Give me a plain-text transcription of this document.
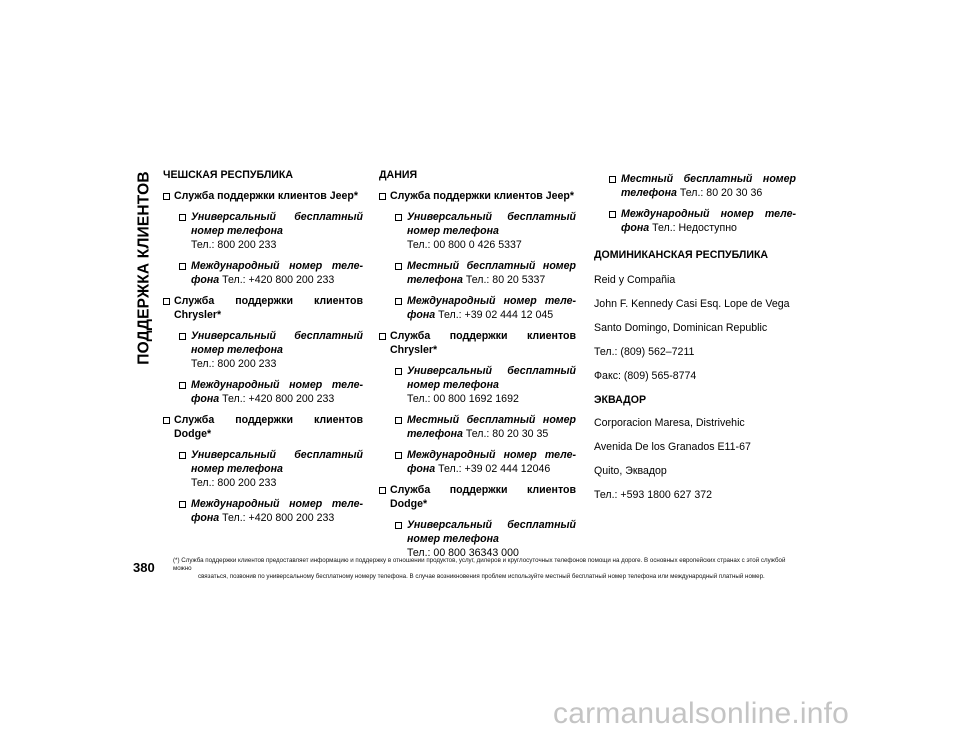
ПОДДЕРЖКА КЛИЕНТОВ ЧЕШСКАЯ РЕСПУБЛИКА
Служба поддержки клиентов Jeep*
Универсальный бесплатный номер телефона
Тел.: 800 200 233
Международный номер теле- фона Тел.: +420 800 200 233
Служба поддержки клиентов Chrysler*
Универсальный бесплатный номер телефона
Тел.: 800 200 233
Международный номер теле- фона Тел.: +420 800 200 233
Служба поддержки клиентов Dodge*
Универсальный бесплатный номер телефона
Тел.: 800 200 233
Международный номер теле- фона Тел.: +420 800 200 233
ДАНИЯ
Служба поддержки клиентов Jeep*
Универсальный бесплатный номер телефона
Тел.: 00 800 0 426 5337
Местный бесплатный номер телефона Тел.: 80 20 5337
Международный номер теле- фона Тел.: +39 02 444 12 045
Служба поддержки клиентов Chrysler*
Универсальный бесплатный номер телефона
Тел.: 00 800 1692 1692
Местный бесплатный номер телефона Тел.: 80 20 30 35
Международный номер теле- фона Тел.: +39 02 444 12046
Служба поддержки клиентов Dodge*
Универсальный бесплатный номер телефона
Тел.: 00 800 36343 000
Местный бесплатный номер телефона Тел.: 80 20 30 36
Международный номер теле- фона Тел.: Недоступно
ДОМИНИКАНСКАЯ РЕСПУБЛИКА
Reid y Compañia
John F. Kennedy Casi Esq. Lope de Vega
Santo Domingo, Dominican Republic
Тел.: (809) 562–7211
Факс: (809) 565-8774
ЭКВАДОР
Corporacion Maresa, Distrivehic
Avenida De los Granados E11-67
Quito, Эквадор
Тел.: +593 1800 627 372
380	(*) Служба поддержки клиентов предоставляет информацию и поддержку в отношении продуктов, услуг, дилеров и круглосуточных телефонов помощи на дороге. В основных европейских странах с этой службой можно
связаться, позвонив по универсальному бесплатному номеру телефона. В случае возникновения проблем используйте местный бесплатный номер телефона или международный платный номер.
carmanualsonline.info
